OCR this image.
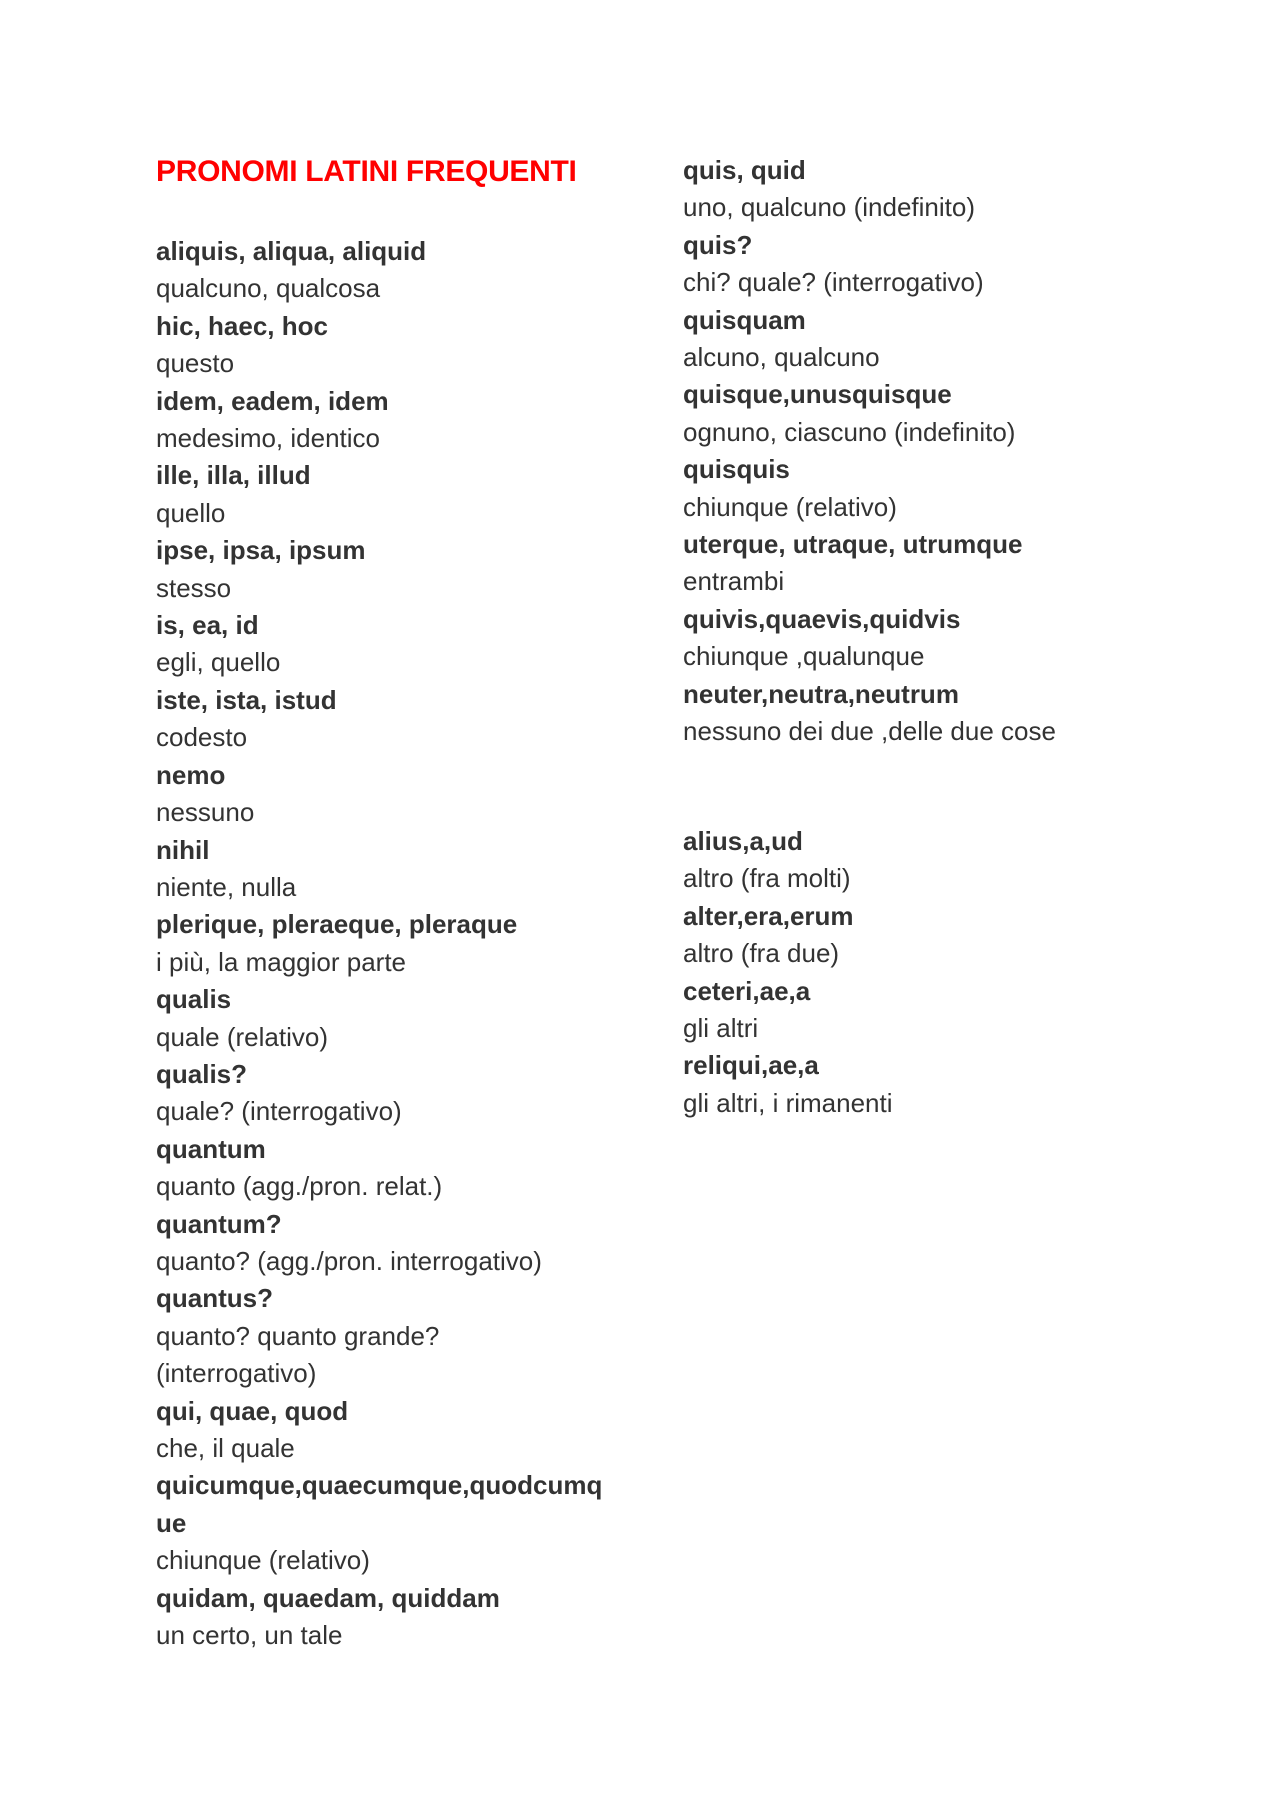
PRONOMI LATINI FREQUENTI
aliquis, aliqua, aliquid
qualcuno, qualcosa
hic, haec, hoc
questo
idem, eadem, idem
medesimo, identico
ille, illa, illud
quello
ipse, ipsa, ipsum
stesso
is, ea, id
egli, quello
iste, ista, istud
codesto
nemo
nessuno
nihil
niente, nulla
plerique, pleraeque, pleraque
i più, la maggior parte
qualis
quale (relativo)
qualis?
quale? (interrogativo)
quantum
quanto (agg./pron. relat.)
quantum?
quanto? (agg./pron. interrogativo)
quantus?
quanto? quanto grande? (interrogativo)
qui, quae, quod
che, il quale
quicumque,quaecumque,quodcumque
chiunque (relativo)
quidam, quaedam, quiddam
un certo, un tale
quis, quid
uno, qualcuno (indefinito)
quis?
chi? quale? (interrogativo)
quisquam
alcuno, qualcuno
quisque,unusquisque
ognuno, ciascuno (indefinito)
quisquis
chiunque (relativo)
uterque, utraque, utrumque
entrambi
quivis,quaevis,quidvis
chiunque ,qualunque
neuter,neutra,neutrum
nessuno dei due ,delle due cose
alius,a,ud
altro (fra molti)
alter,era,erum
altro (fra due)
ceteri,ae,a
gli altri
reliqui,ae,a
gli altri, i rimanenti
